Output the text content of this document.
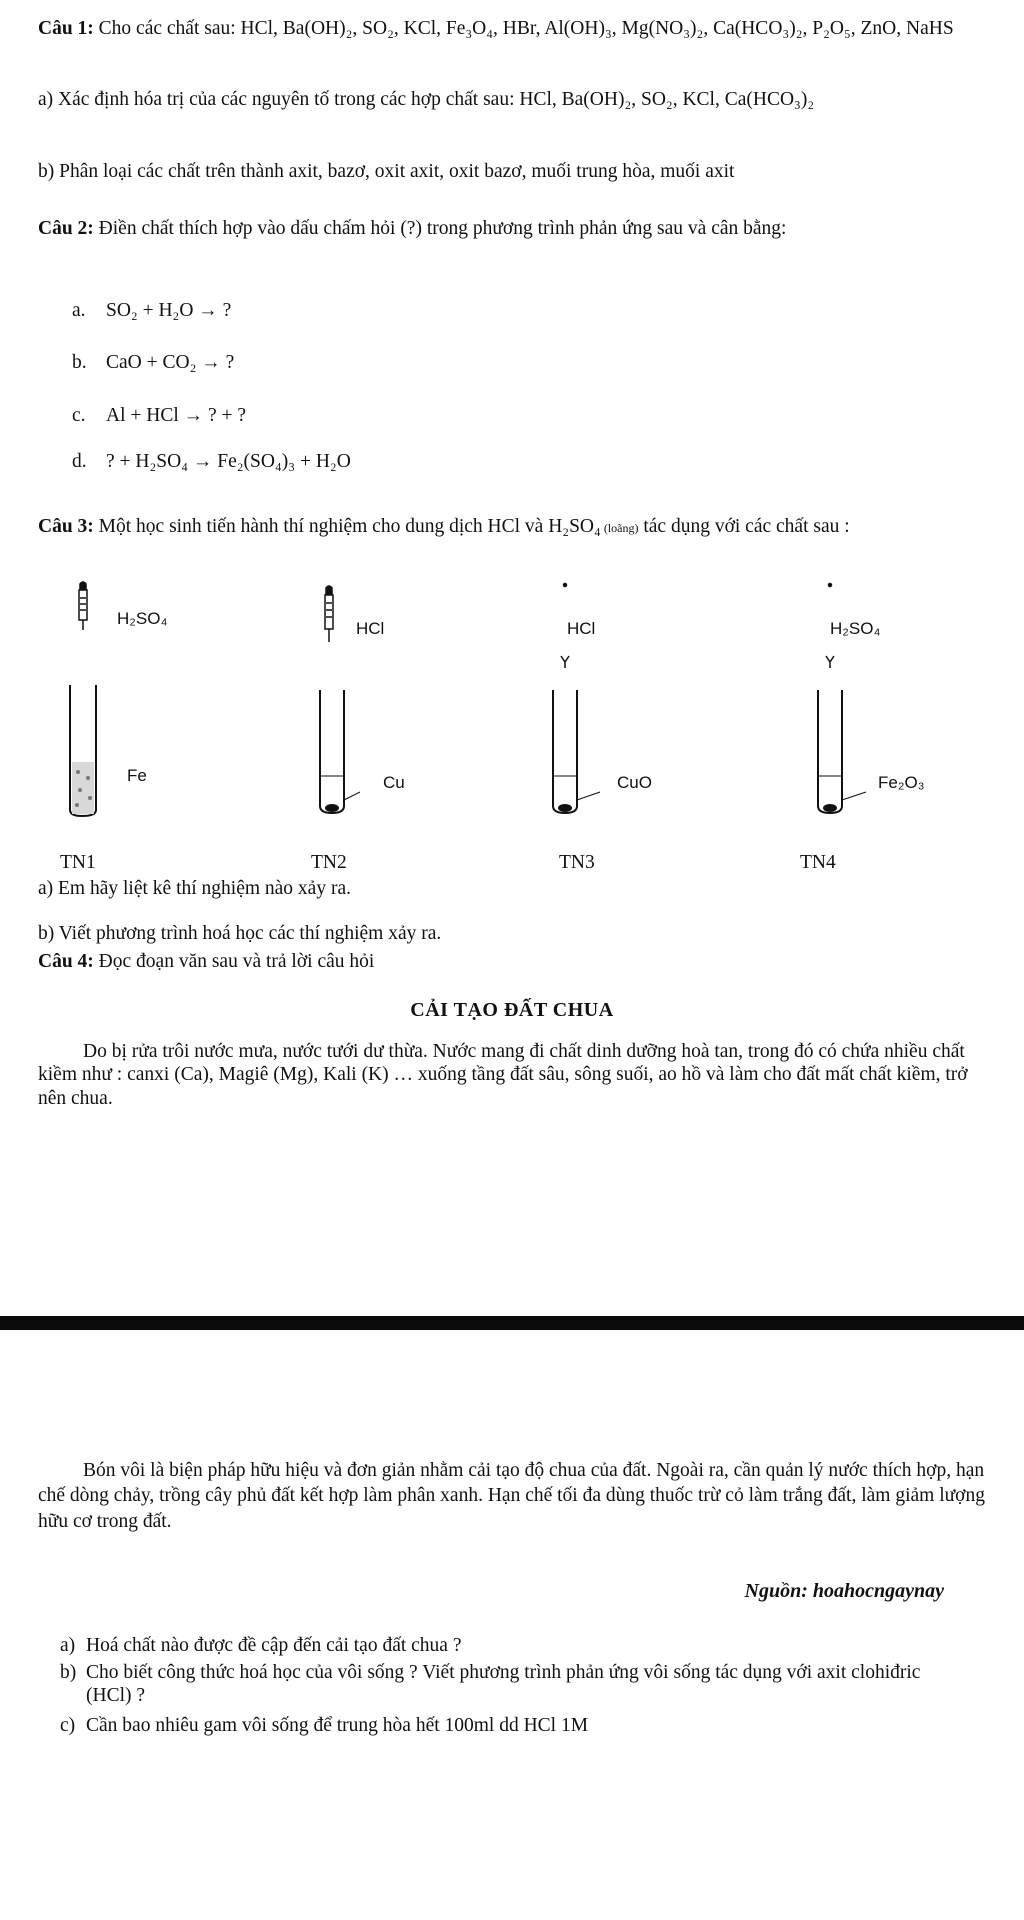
Câu 1: Cho các chất sau: HCl, Ba(OH)₂, SO₂, KCl, Fe₃O₄, HBr, Al(OH)₃, Mg(NO₃)₂, Ca(HCO₃)₂, P₂O₅, ZnO, NaHS

a) Xác định hóa trị của các nguyên tố trong các hợp chất sau: HCl, Ba(OH)₂, SO₂, KCl, Ca(HCO₃)₂

b) Phân loại các chất trên thành axit, bazơ, oxit axit, oxit bazơ, muối trung hòa, muối axit

Câu 2: Điền chất thích hợp vào dấu chấm hỏi (?) trong phương trình phản ứng sau và cân bằng:

a. SO₂ + H₂O → ?

b. CaO + CO₂ → ?

c. Al + HCl → ? + ?

d. ? + H₂SO₄ → Fe₂(SO₄)₃ + H₂O

Câu 3: Một học sinh tiến hành thí nghiệm cho dung dịch HCl và H₂SO₄ (loãng) tác dụng với các chất sau :

H₂SO₄
HCl	HCl	H₂SO₄
Fe	Cu	CuO	Fe₂O₃
TN1	TN2	TN3	TN4

a) Em hãy liệt kê thí nghiệm nào xảy ra.

b) Viết phương trình hoá học các thí nghiệm xảy ra.

Câu 4: Đọc đoạn văn sau và trả lời câu hỏi

CẢI TẠO ĐẤT CHUA

Do bị rửa trôi nước mưa, nước tưới dư thừa. Nước mang đi chất dinh dưỡng hoà tan, trong đó có chứa nhiều chất kiềm như : canxi (Ca), Magiê (Mg), Kali (K) … xuống tầng đất sâu, sông suối, ao hồ và làm cho đất mất chất kiềm, trở nên chua.

Bón vôi là biện pháp hữu hiệu và đơn giản nhằm cải tạo độ chua của đất. Ngoài ra, cần quản lý nước thích hợp, hạn chế dòng chảy, trồng cây phủ đất kết hợp làm phân xanh. Hạn chế tối đa dùng thuốc trừ cỏ làm trắng đất, làm giảm lượng hữu cơ trong đất.

Nguồn: hoahocngaynay
a) Hoá chất nào được đề cập đến cải tạo đất chua ?
b) Cho biết công thức hoá học của vôi sống ? Viết phương trình phản ứng vôi sống tác dụng với axit clohiđric (HCl) ?
c) Cần bao nhiêu gam vôi sống để trung hòa hết 100ml dd HCl 1M
